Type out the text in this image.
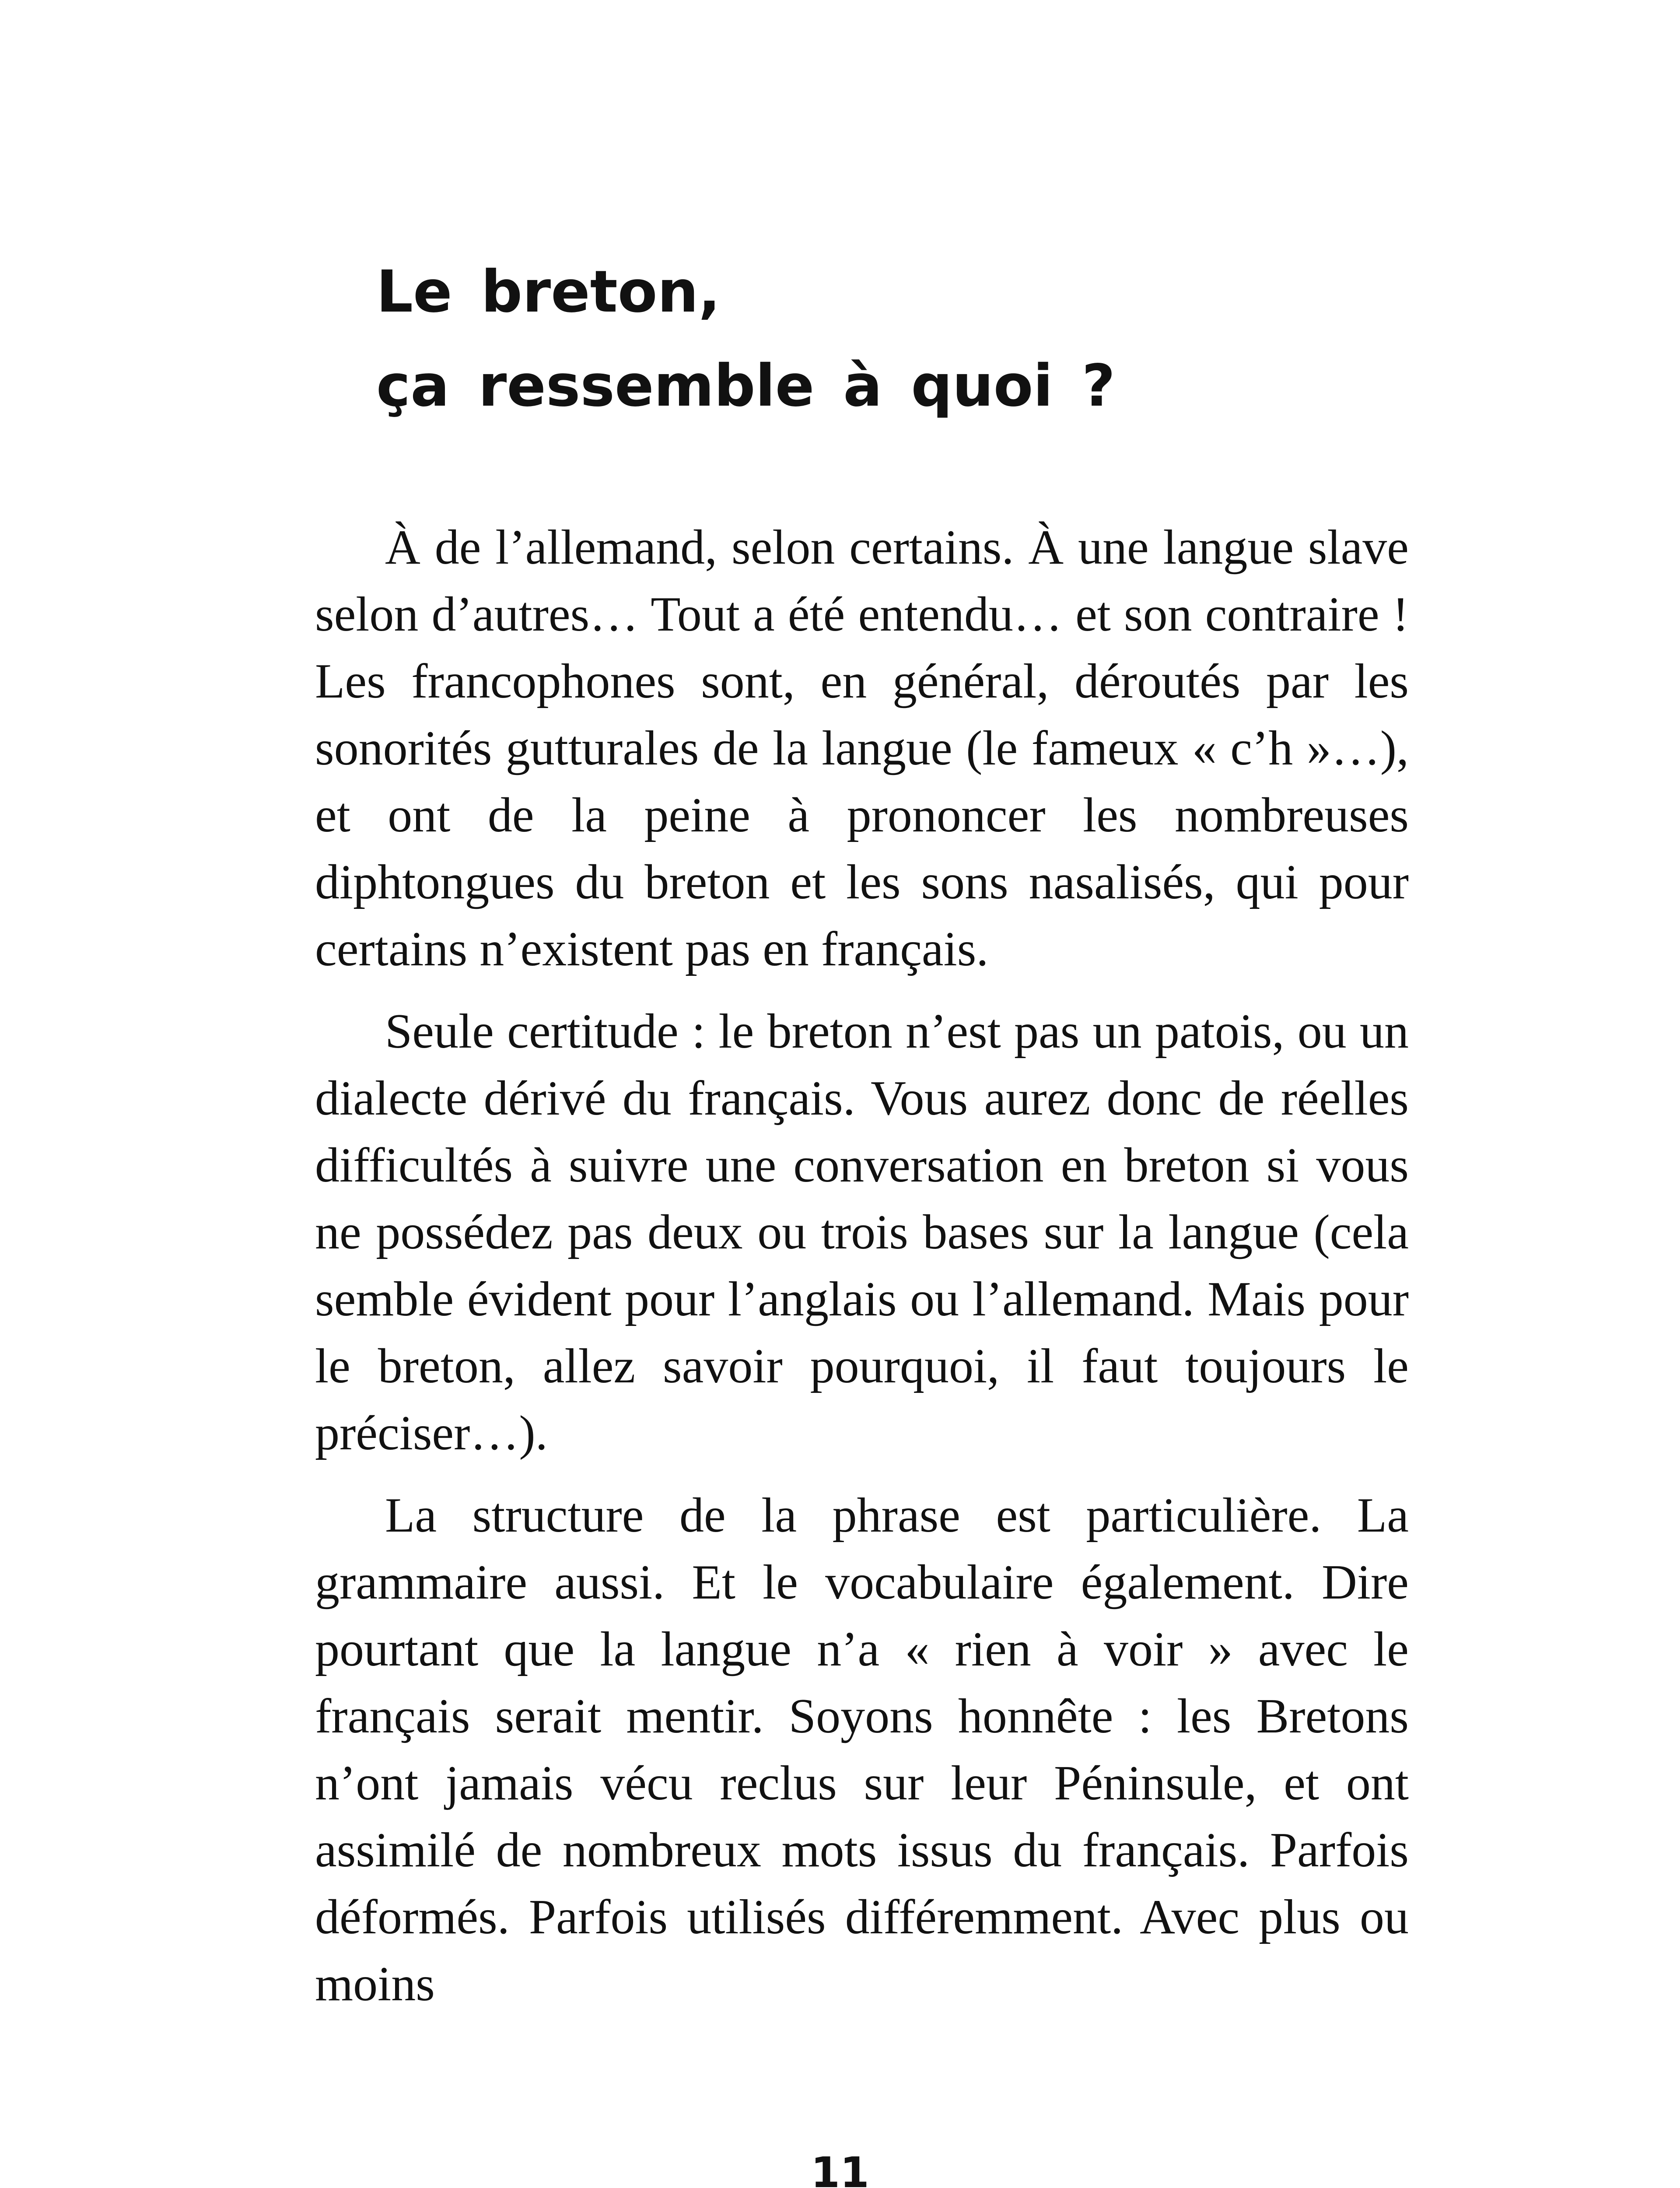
Le breton,
ça ressemble à quoi ?

À de l’allemand, selon certains. À une langue slave selon d’autres… Tout a été entendu… et son contraire ! Les francophones sont, en général, déroutés par les sonorités gutturales de la langue (le fameux « c’h »…), et ont de la peine à prononcer les nombreuses diphtongues du breton et les sons nasalisés, qui pour certains n’existent pas en français.

Seule certitude : le breton n’est pas un patois, ou un dialecte dérivé du français. Vous aurez donc de réelles difficultés à suivre une conversation en breton si vous ne possédez pas deux ou trois bases sur la langue (cela semble évident pour l’anglais ou l’allemand. Mais pour le breton, allez savoir pourquoi, il faut toujours le préciser…).

La structure de la phrase est particulière. La grammaire aussi. Et le vocabulaire également. Dire pourtant que la langue n’a « rien à voir » avec le français serait mentir. Soyons honnête : les Bretons n’ont jamais vécu reclus sur leur Péninsule, et ont assimilé de nombreux mots issus du français. Parfois déformés. Parfois utilisés différemment. Avec plus ou moins

11
